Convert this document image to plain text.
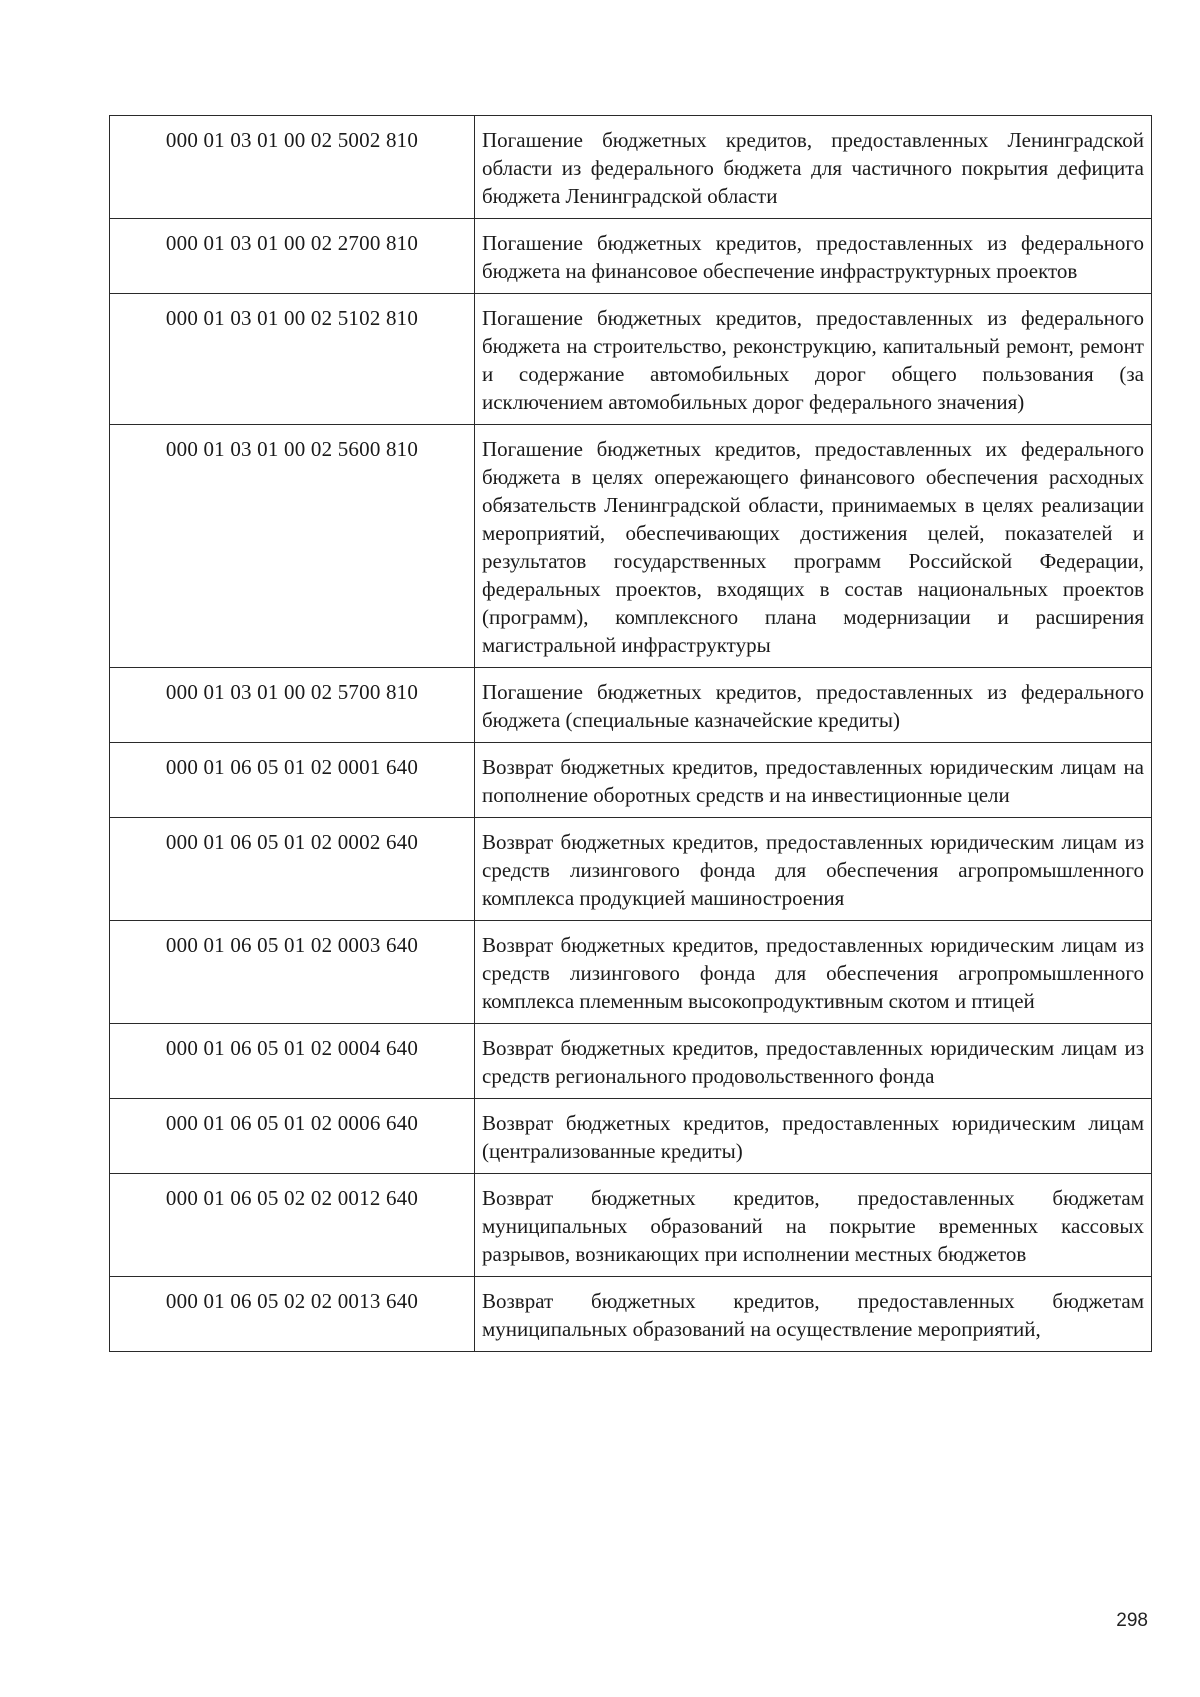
000 01 03 01 00 02 5002 810	Погашение бюджетных кредитов, предоставленных Ленинградской области из федерального бюджета для частичного покрытия дефицита бюджета Ленинградской области
000 01 03 01 00 02 2700 810	Погашение бюджетных кредитов, предоставленных из федерального бюджета на финансовое обеспечение инфраструктурных проектов
000 01 03 01 00 02 5102 810	Погашение бюджетных кредитов, предоставленных из федерального бюджета на строительство, реконструкцию, капитальный ремонт, ремонт и содержание автомобильных дорог общего пользования (за исключением автомобильных дорог федерального значения)
000 01 03 01 00 02 5600 810	Погашение бюджетных кредитов, предоставленных их федерального бюджета в целях опережающего финансового обеспечения расходных обязательств Ленинградской области, принимаемых в целях реализации мероприятий, обеспечивающих достижения целей, показателей и результатов государственных программ Российской Федерации, федеральных проектов, входящих в состав национальных проектов (программ), комплексного плана модернизации и расширения магистральной инфраструктуры
000 01 03 01 00 02 5700 810	Погашение бюджетных кредитов, предоставленных из федерального бюджета (специальные казначейские кредиты)
000 01 06 05 01 02 0001 640	Возврат бюджетных кредитов, предоставленных юридическим лицам на пополнение оборотных средств и на инвестиционные цели
000 01 06 05 01 02 0002 640	Возврат бюджетных кредитов, предоставленных юридическим лицам из средств лизингового фонда для обеспечения агропромышленного комплекса продукцией машиностроения
000 01 06 05 01 02 0003 640	Возврат бюджетных кредитов, предоставленных юридическим лицам из средств лизингового фонда для обеспечения агропромышленного комплекса племенным высокопродуктивным скотом и птицей
000 01 06 05 01 02 0004 640	Возврат бюджетных кредитов, предоставленных юридическим лицам из средств регионального продовольственного фонда
000 01 06 05 01 02 0006 640	Возврат бюджетных кредитов, предоставленных юридическим лицам (централизованные кредиты)
000 01 06 05 02 02 0012 640	Возврат бюджетных кредитов, предоставленных бюджетам муниципальных образований на покрытие временных кассовых разрывов, возникающих при исполнении местных бюджетов
000 01 06 05 02 02 0013 640	Возврат бюджетных кредитов, предоставленных бюджетам муниципальных образований на осуществление мероприятий,
298
